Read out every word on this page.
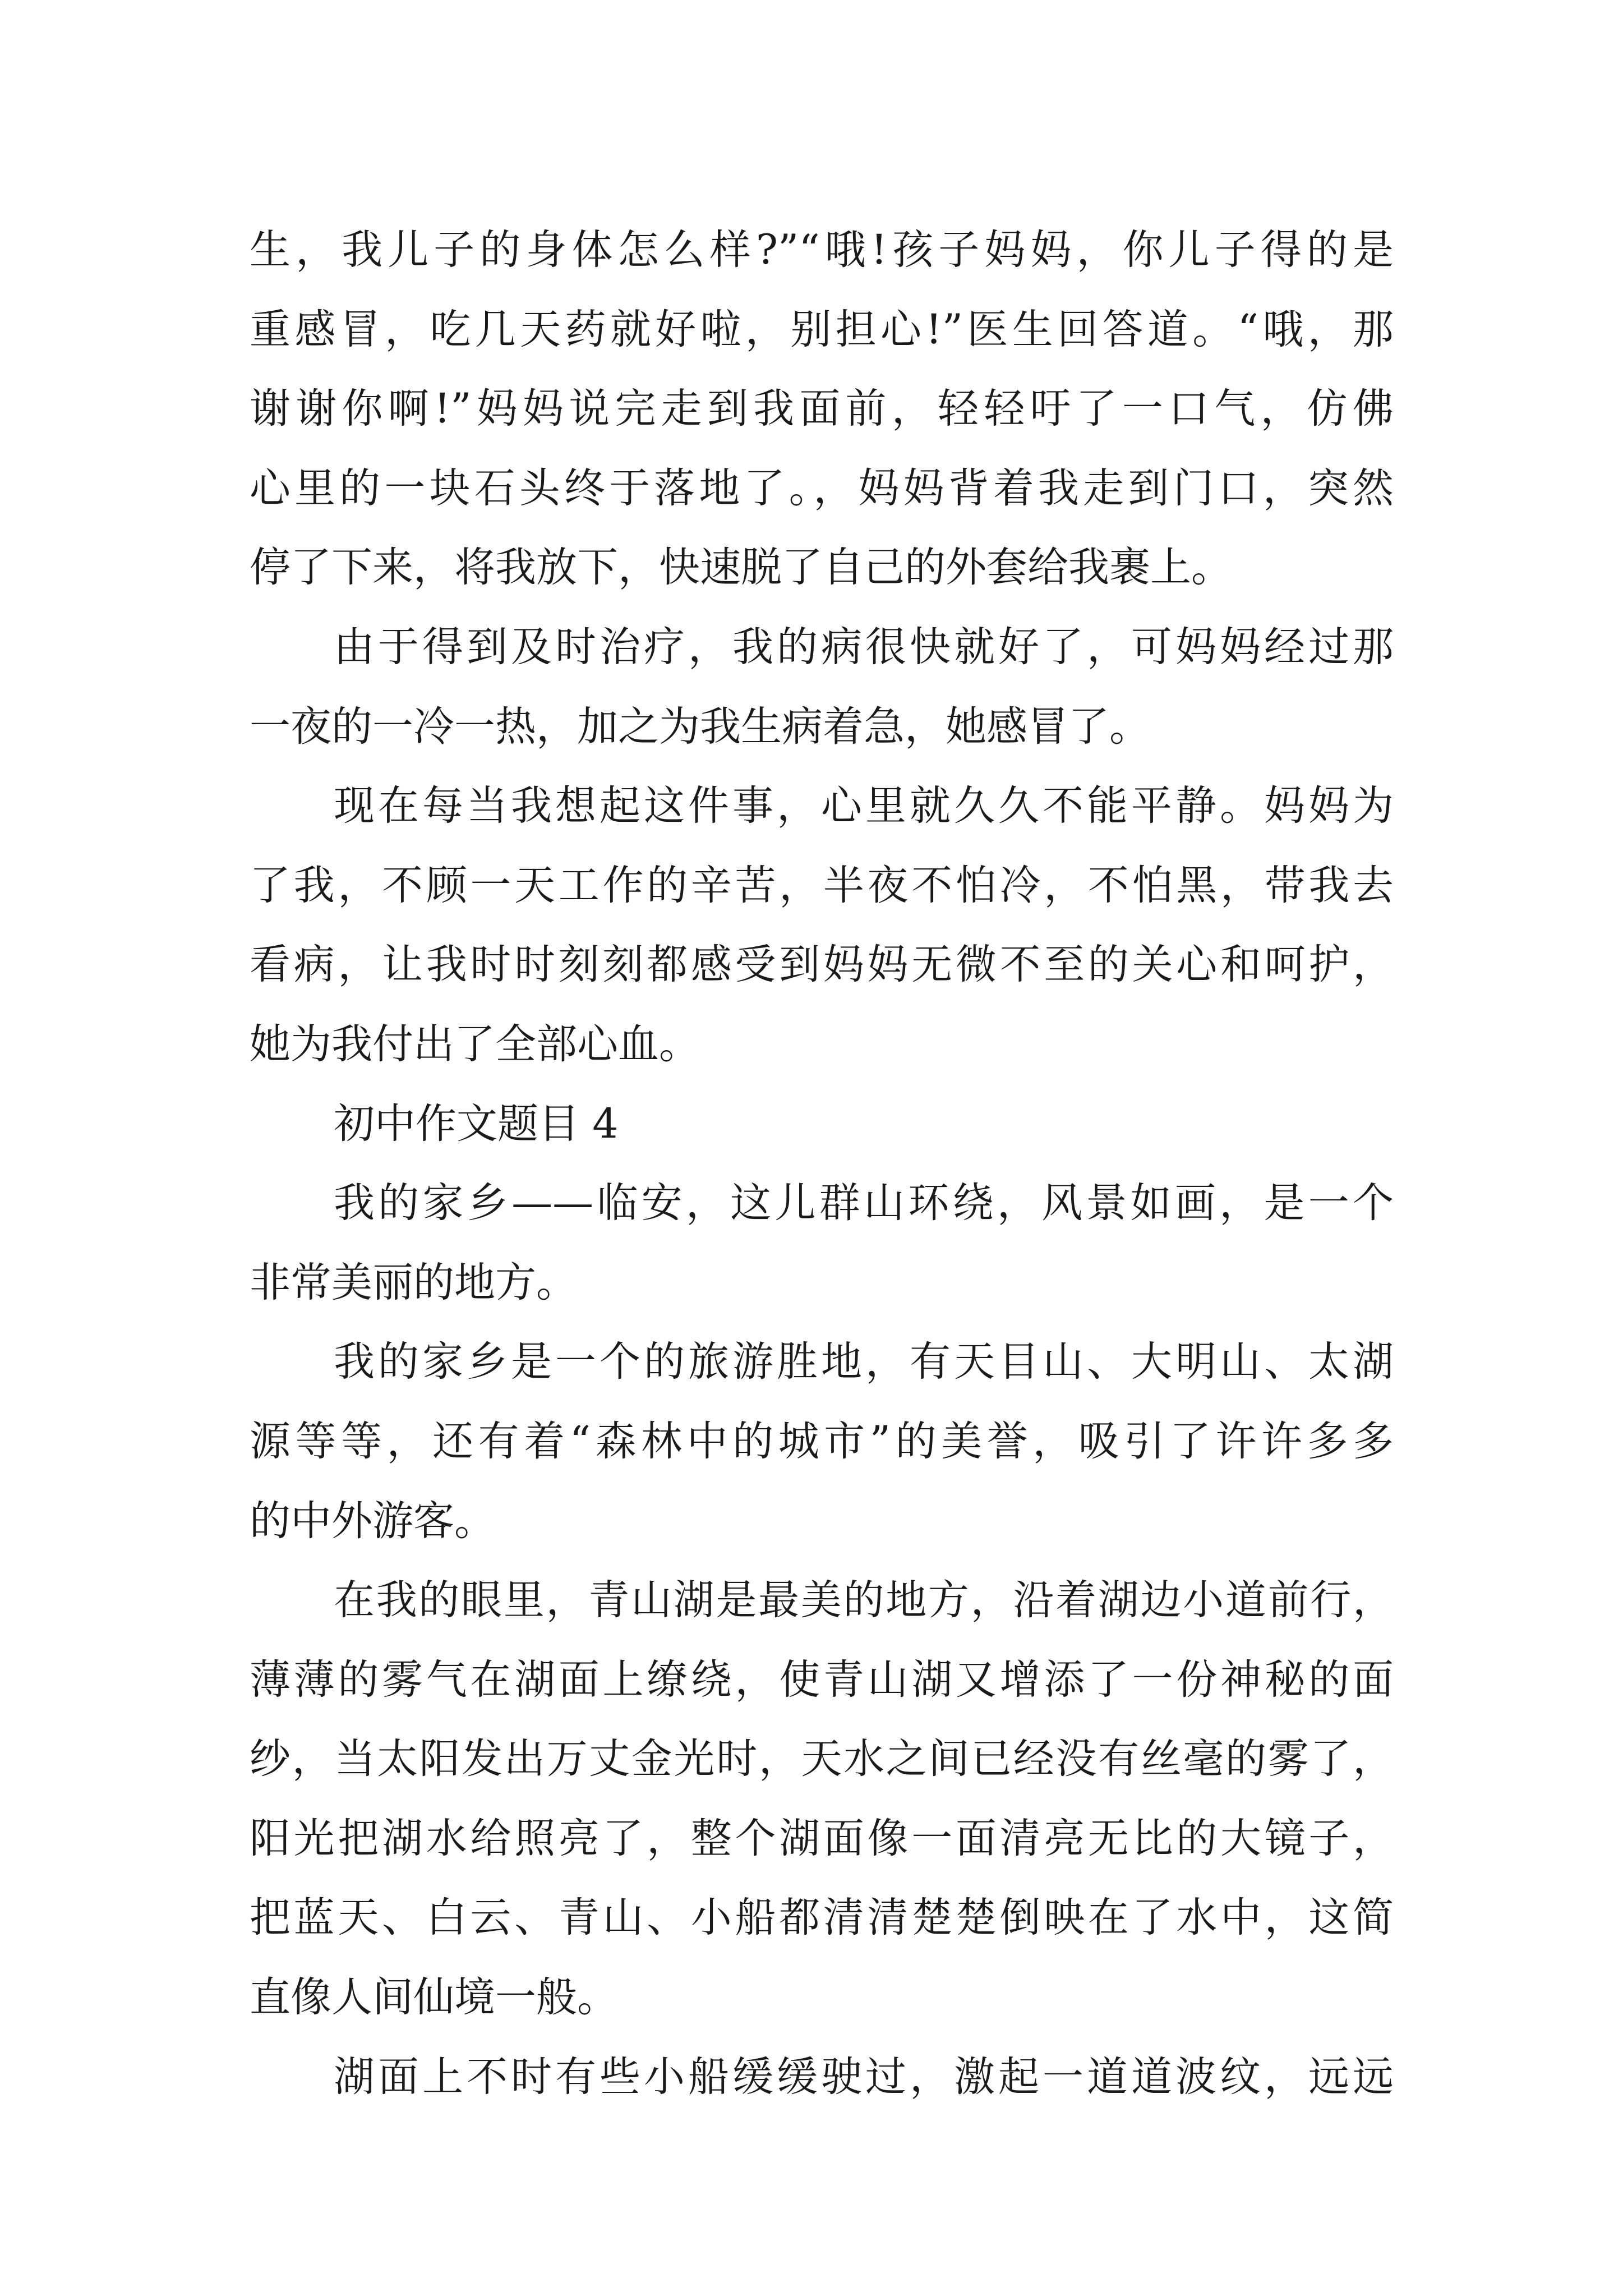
生，我儿子的身体怎么样?”“哦!孩子妈妈，你儿子得的是
重感冒，吃几天药就好啦，别担心!”医生回答道。“哦，那
谢谢你啊!”妈妈说完走到我面前，轻轻吁了一口气，仿佛
心里的一块石头终于落地了。，妈妈背着我走到门口，突然
停了下来，将我放下，快速脱了自己的外套给我裹上。
由于得到及时治疗，我的病很快就好了，可妈妈经过那
一夜的一冷一热，加之为我生病着急，她感冒了。
现在每当我想起这件事，心里就久久不能平静。妈妈为
了我，不顾一天工作的辛苦，半夜不怕冷，不怕黑，带我去
看病，让我时时刻刻都感受到妈妈无微不至的关心和呵护，
她为我付出了全部心血。
初中作文题目 4
我的家乡——临安，这儿群山环绕，风景如画，是一个
非常美丽的地方。
我的家乡是一个的旅游胜地，有天目山、大明山、太湖
源等等，还有着“森林中的城市”的美誉，吸引了许许多多
的中外游客。
在我的眼里，青山湖是最美的地方，沿着湖边小道前行，
薄薄的雾气在湖面上缭绕，使青山湖又增添了一份神秘的面
纱，当太阳发出万丈金光时，天水之间已经没有丝毫的雾了，
阳光把湖水给照亮了，整个湖面像一面清亮无比的大镜子，
把蓝天、白云、青山、小船都清清楚楚倒映在了水中，这简
直像人间仙境一般。
湖面上不时有些小船缓缓驶过，激起一道道波纹，远远
